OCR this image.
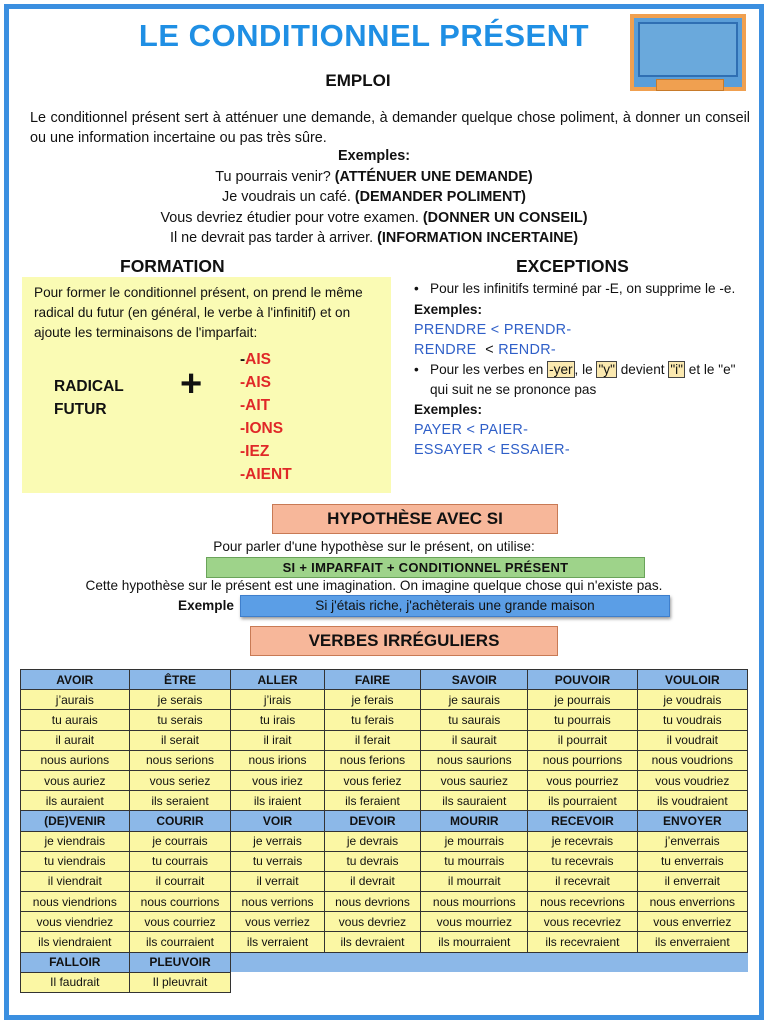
LE CONDITIONNEL PRÉSENT
EMPLOI
Le conditionnel présent sert à atténuer une demande, à demander quelque chose poliment, à donner un conseil ou une information incertaine ou pas très sûre.
Exemples:
Tu pourrais venir? (ATTÉNUER UNE DEMANDE)
Je voudrais un café. (DEMANDER POLIMENT)
Vous devriez étudier pour votre examen. (DONNER UN CONSEIL)
Il ne devrait pas tarder à arriver. (INFORMATION INCERTAINE)
FORMATION	EXCEPTIONS
Pour former le conditionnel présent, on prend le même radical du futur (en général, le verbe à l'infinitif) et on ajoute les terminaisons de l'imparfait:
RADICAL
FUTUR
+
-AIS
-AIS
-AIT
-IONS
-IEZ
-AIENT
• Pour les infinitifs terminé par -E, on supprime le -e.
Exemples:
PRENDRE < PRENDR-
RENDRE < RENDR-
• Pour les verbes en -yer , le "y" devient "i" et le "e" qui suit ne se prononce pas
Exemples:
PAYER < PAIER-
ESSAYER < ESSAIER-
HYPOTHÈSE AVEC SI
Pour parler d'une hypothèse sur le présent, on utilise:
SI + IMPARFAIT + CONDITIONNEL PRÉSENT
Cette hypothèse sur le présent est une imagination. On imagine quelque chose qui n'existe pas.
Exemple	Si j'étais riche, j'achèterais une grande maison
VERBES IRRÉGULIERS
AVOIR	ÊTRE	ALLER	FAIRE	SAVOIR	POUVOIR	VOULOIR
j’aurais	je serais	j’irais	je ferais	je saurais	je pourrais	je voudrais
tu aurais	tu serais	tu irais	tu ferais	tu saurais	tu pourrais	tu voudrais
il aurait	il serait	il irait	il ferait	il saurait	il pourrait	il voudrait
nous aurions	nous serions	nous irions	nous ferions	nous saurions	nous pourrions	nous voudrions
vous auriez	vous seriez	vous iriez	vous feriez	vous sauriez	vous pourriez	vous voudriez
ils auraient	ils seraient	ils iraient	ils feraient	ils sauraient	ils pourraient	ils voudraient
(DE)VENIR	COURIR	VOIR	DEVOIR	MOURIR	RECEVOIR	ENVOYER
je viendrais	je courrais	je verrais	je devrais	je mourrais	je recevrais	j’enverrais
tu viendrais	tu courrais	tu verrais	tu devrais	tu mourrais	tu recevrais	tu enverrais
il viendrait	il courrait	il verrait	il devrait	il mourrait	il recevrait	il enverrait
nous viendrions	nous courrions	nous verrions	nous devrions	nous mourrions	nous recevrions	nous enverrions
vous viendriez	vous courriez	vous verriez	vous devriez	vous mourriez	vous recevriez	vous enverriez
ils viendraient	ils courraient	ils verraient	ils devraient	ils mourraient	ils recevraient	ils enverraient
FALLOIR	PLEUVOIR					
Il faudrait	Il pleuvrait					
